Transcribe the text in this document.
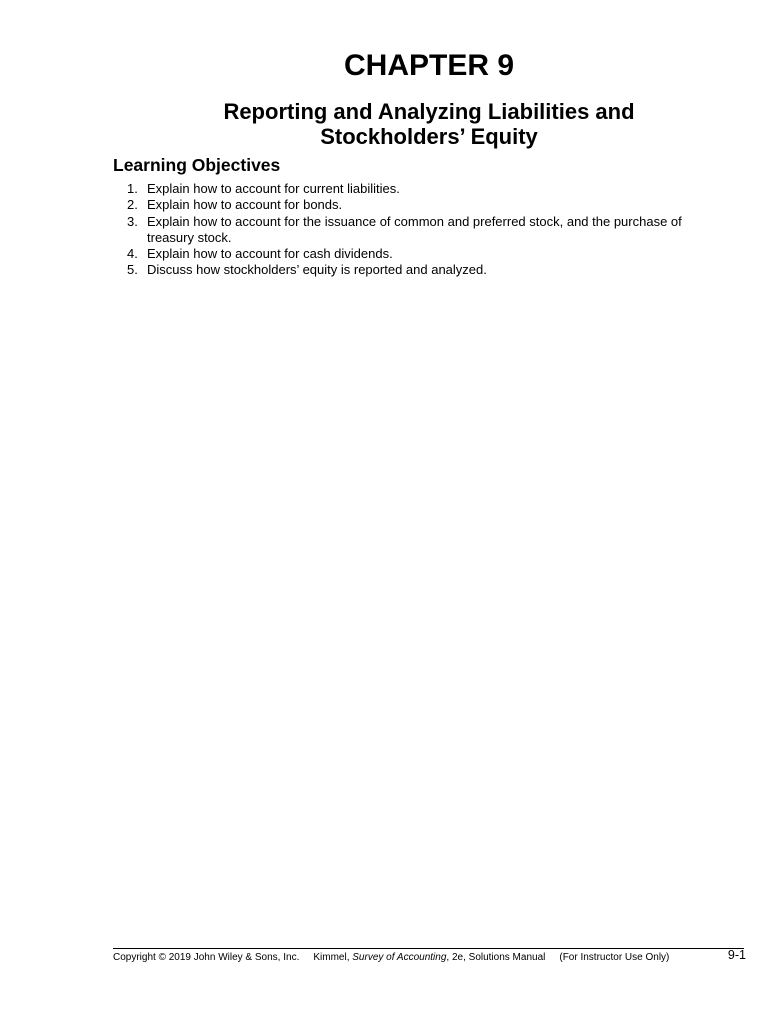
CHAPTER 9
Reporting and Analyzing Liabilities and
Stockholders’ Equity
Learning Objectives
1. Explain how to account for current liabilities.
2. Explain how to account for bonds.
3. Explain how to account for the issuance of common and preferred stock, and the purchase of treasury stock.
4. Explain how to account for cash dividends.
5. Discuss how stockholders’ equity is reported and analyzed.
Copyright © 2019 John Wiley & Sons, Inc. Kimmel, Survey of Accounting, 2e, Solutions Manual (For Instructor Use Only)	9-1
